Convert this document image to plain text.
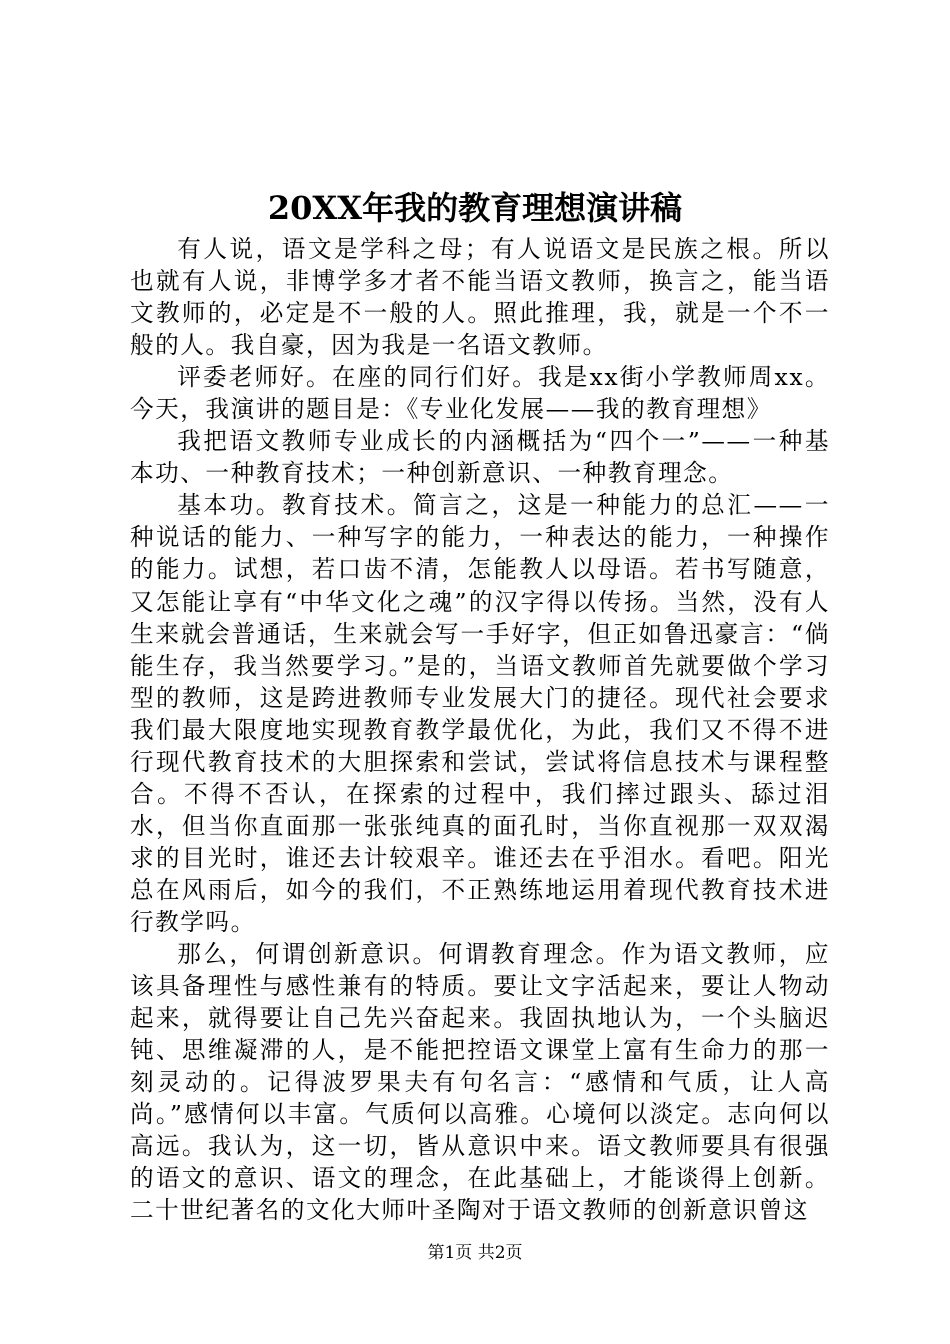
20XX年我的教育理想演讲稿

有人说，语文是学科之母；有人说语文是民族之根。所以也就有人说，非博学多才者不能当语文教师，换言之，能当语文教师的，必定是不一般的人。照此推理，我，就是一个不一般的人。我自豪，因为我是一名语文教师。

评委老师好。在座的同行们好。我是xx街小学教师周xx。今天，我演讲的题目是：《专业化发展——我的教育理想》

我把语文教师专业成长的内涵概括为“四个一”——一种基本功、一种教育技术；一种创新意识、一种教育理念。

基本功。教育技术。简言之，这是一种能力的总汇——一种说话的能力、一种写字的能力，一种表达的能力，一种操作的能力。试想，若口齿不清，怎能教人以母语。若书写随意，又怎能让享有“中华文化之魂”的汉字得以传扬。当然，没有人生来就会普通话，生来就会写一手好字，但正如鲁迅豪言：“倘能生存，我当然要学习。”是的，当语文教师首先就要做个学习型的教师，这是跨进教师专业发展大门的捷径。现代社会要求我们最大限度地实现教育教学最优化，为此，我们又不得不进行现代教育技术的大胆探索和尝试，尝试将信息技术与课程整合。不得不否认，在探索的过程中，我们摔过跟头、舔过泪水，但当你直面那一张张纯真的面孔时，当你直视那一双双渴求的目光时，谁还去计较艰辛。谁还去在乎泪水。看吧。阳光总在风雨后，如今的我们，不正熟练地运用着现代教育技术进行教学吗。

那么，何谓创新意识。何谓教育理念。作为语文教师，应该具备理性与感性兼有的特质。要让文字活起来，要让人物动起来，就得要让自己先兴奋起来。我固执地认为，一个头脑迟钝、思维凝滞的人，是不能把控语文课堂上富有生命力的那一刻灵动的。记得波罗果夫有句名言：“感情和气质，让人高尚。”感情何以丰富。气质何以高雅。心境何以淡定。志向何以高远。我认为，这一切，皆从意识中来。语文教师要具有很强的语文的意识、语文的理念，在此基础上，才能谈得上创新。二十世纪著名的文化大师叶圣陶对于语文教师的创新意识曾这

第1页 共2页
